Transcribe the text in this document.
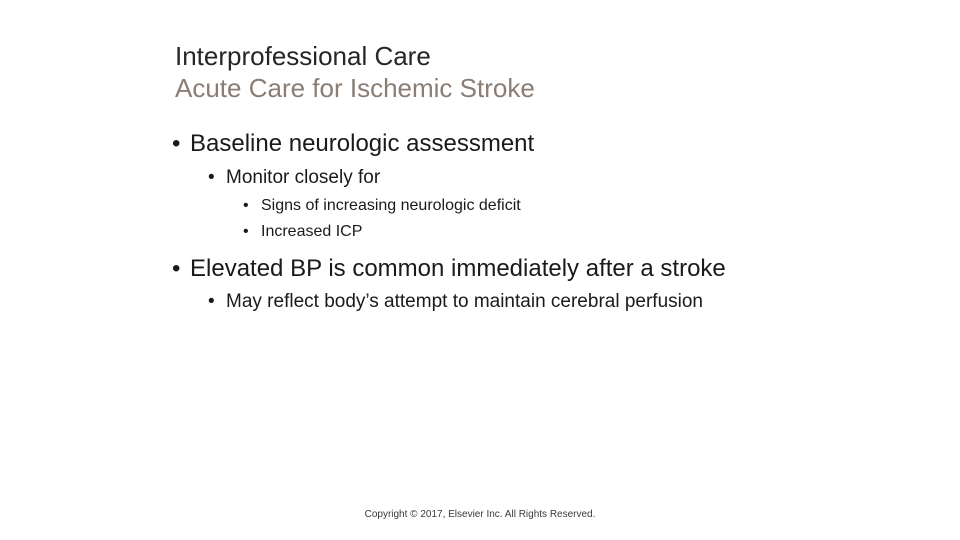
Interprofessional Care
Acute Care for Ischemic Stroke
• Baseline neurologic assessment
• Monitor closely for
• Signs of increasing neurologic deficit
• Increased ICP
• Elevated BP is common immediately after a stroke
• May reflect body’s attempt to maintain cerebral perfusion
Copyright © 2017, Elsevier Inc. All Rights Reserved.
